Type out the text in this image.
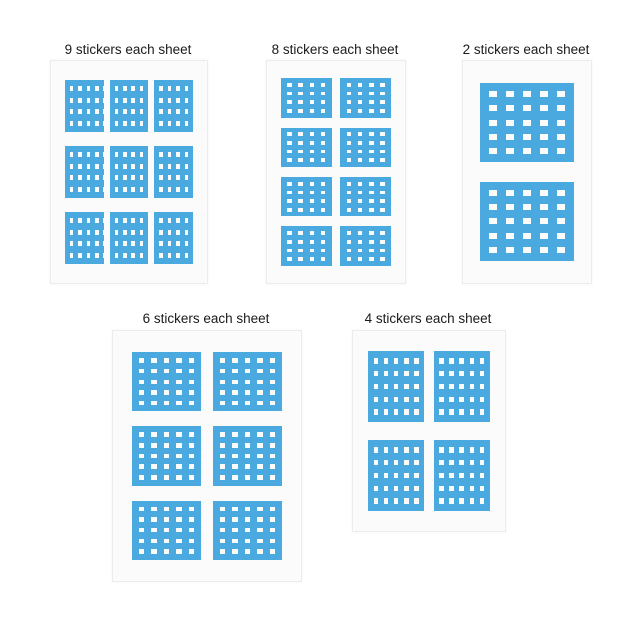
9 stickers each sheet	8 stickers each sheet	2 stickers each sheet
6 stickers each sheet	4 stickers each sheet
